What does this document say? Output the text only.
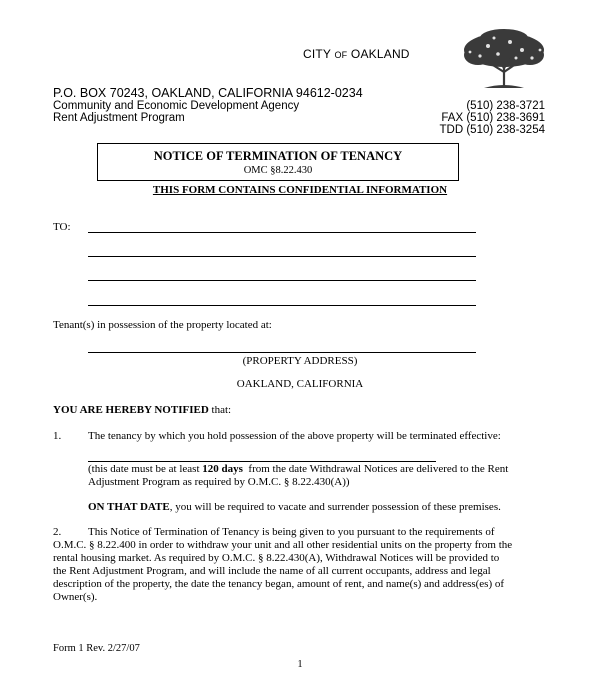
CITY OF OAKLAND
P.O. BOX 70243, OAKLAND, CALIFORNIA 94612-0234
Community and Economic Development Agency
Rent Adjustment Program
(510) 238-3721
FAX (510) 238-3691
TDD (510) 238-3254
NOTICE OF TERMINATION OF TENANCY
OMC §8.22.430
THIS FORM CONTAINS CONFIDENTIAL INFORMATION
TO:
Tenant(s) in possession of the property located at:
(PROPERTY ADDRESS)
OAKLAND, CALIFORNIA
YOU ARE HEREBY NOTIFIED that:
1. The tenancy by which you hold possession of the above property will be terminated effective:
(this date must be at least 120 days  from the date Withdrawal Notices are delivered to the Rent
Adjustment Program as required by O.M.C. § 8.22.430(A))
ON THAT DATE, you will be required to vacate and surrender possession of these premises.
2.	This Notice of Termination of Tenancy is being given to you pursuant to the requirements of
O.M.C. § 8.22.400 in order to withdraw your unit and all other residential units on the property from the
rental housing market. As required by O.M.C. § 8.22.430(A), Withdrawal Notices will be provided to
the Rent Adjustment Program, and will include the name of all current occupants, address and legal
description of the property, the date the tenancy began, amount of rent, and name(s) and address(es) of
Owner(s).
Form 1 Rev. 2/27/07
1
